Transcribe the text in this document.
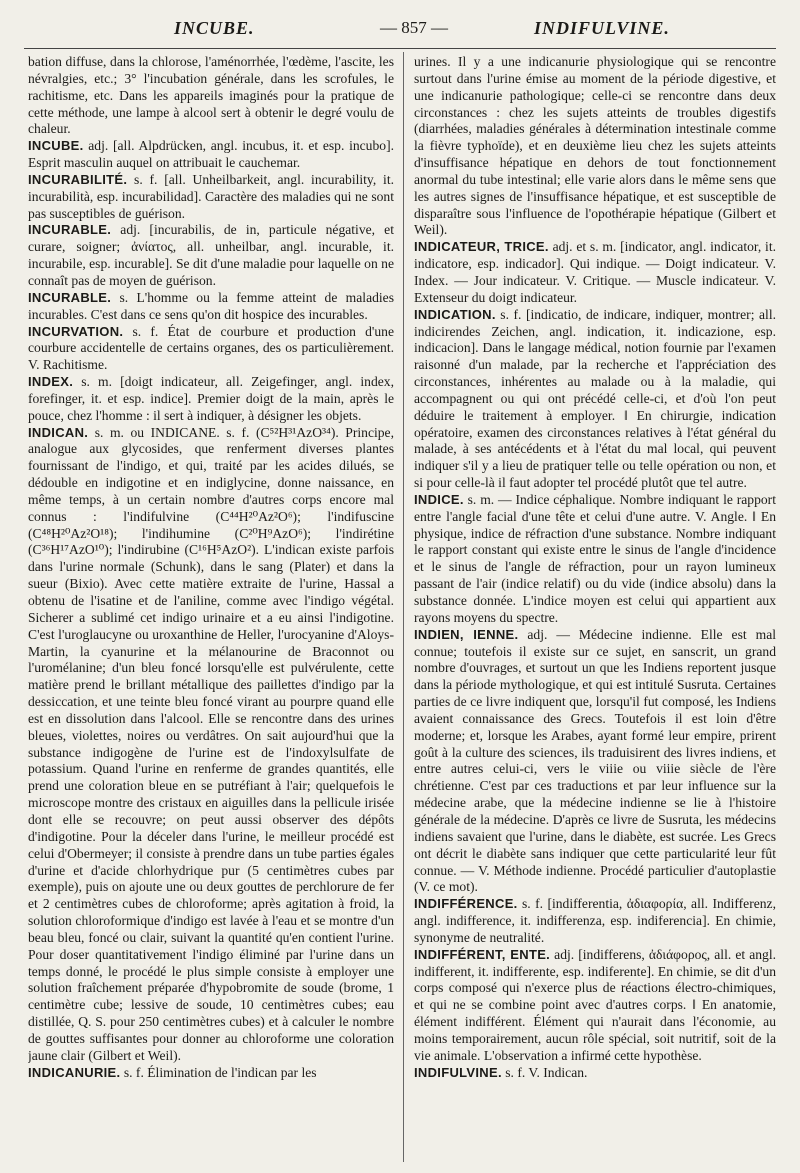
INCUBE.	— 857 —	INDIFULVINE.

bation diffuse, dans la chlorose, l'aménorrhée, l'œdème, l'ascite, les névralgies, etc.; 3° l'incubation générale, dans les scrofules, le rachitisme, etc. Dans les appareils imaginés pour la pratique de cette méthode, une lampe à alcool sert à obtenir le degré voulu de chaleur.

INCUBE. adj. [all. Alpdrücken, angl. incubus, it. et esp. incubo]. Esprit masculin auquel on attribuait le cauchemar.

INCURABILITÉ. s. f. [all. Unheilbarkeit, angl. incurability, it. incurabilità, esp. incurabilidad]. Caractère des maladies qui ne sont pas susceptibles de guérison.

INCURABLE. adj. [incurabilis, de in, particule négative, et curare, soigner; ἀνίατος, all. unheilbar, angl. incurable, it. incurabile, esp. incurable]. Se dit d'une maladie pour laquelle on ne connaît pas de moyen de guérison.

INCURABLE. s. L'homme ou la femme atteint de maladies incurables. C'est dans ce sens qu'on dit hospice des incurables.

INCURVATION. s. f. État de courbure et production d'une courbure accidentelle de certains organes, des os particulièrement. V. Rachitisme.

INDEX. s. m. [doigt indicateur, all. Zeigefinger, angl. index, forefinger, it. et esp. indice]. Premier doigt de la main, après le pouce, chez l'homme : il sert à indiquer, à désigner les objets.

INDICAN. s. m. ou INDICANE. s. f. (C⁵²H³¹AzO³⁴). Principe, analogue aux glycosides, que renferment diverses plantes fournissant de l'indigo, et qui, traité par les acides dilués, se dédouble en indigotine et en indiglycine, donne naissance, en même temps, à un certain nombre d'autres corps encore mal connus : l'indifulvine (C⁴⁴H²⁰Az²O⁶); l'indifuscine (C⁴⁸H²⁰Az²O¹⁸); l'indihumine (C²⁰H⁹AzO⁶); l'indirétine (C³⁶H¹⁷AzO¹⁰); l'indirubine (C¹⁶H⁵AzO²). L'indican existe parfois dans l'urine normale (Schunk), dans le sang (Plater) et dans la sueur (Bixio). Avec cette matière extraite de l'urine, Hassal a obtenu de l'isatine et de l'aniline, comme avec l'indigo végétal. Sicherer a sublimé cet indigo urinaire et a eu ainsi l'indigotine. C'est l'uroglaucyne ou uroxanthine de Heller, l'urocyanine d'Aloys-Martin, la cyanurine et la mélanourine de Braconnot ou l'uromélanine; d'un bleu foncé lorsqu'elle est pulvérulente, cette matière prend le brillant métallique des paillettes d'indigo par la dessiccation, et une teinte bleu foncé virant au pourpre quand elle est en dissolution dans l'alcool. Elle se rencontre dans des urines bleues, violettes, noires ou verdâtres. On sait aujourd'hui que la substance indigogène de l'urine est de l'indoxylsulfate de potassium. Quand l'urine en renferme de grandes quantités, elle prend une coloration bleue en se putréfiant à l'air; quelquefois le microscope montre des cristaux en aiguilles dans la pellicule irisée dont elle se recouvre; on peut aussi observer des dépôts d'indigotine. Pour la déceler dans l'urine, le meilleur procédé est celui d'Obermeyer; il consiste à prendre dans un tube parties égales d'urine et d'acide chlorhydrique pur (5 centimètres cubes par exemple), puis on ajoute une ou deux gouttes de perchlorure de fer et 2 centimètres cubes de chloroforme; après agitation à froid, la solution chloroformique d'indigo est lavée à l'eau et se montre d'un beau bleu, foncé ou clair, suivant la quantité qu'en contient l'urine. Pour doser quantitativement l'indigo éliminé par l'urine dans un temps donné, le procédé le plus simple consiste à employer une solution fraîchement préparée d'hypobromite de soude (brome, 1 centimètre cube; lessive de soude, 10 centimètres cubes; eau distillée, Q. S. pour 250 centimètres cubes) et à calculer le nombre de gouttes suffisantes pour donner au chloroforme une coloration jaune clair (Gilbert et Weil).

INDICANURIE. s. f. Élimination de l'indican par les

urines. Il y a une indicanurie physiologique qui se rencontre surtout dans l'urine émise au moment de la période digestive, et une indicanurie pathologique; celle-ci se rencontre dans deux circonstances : chez les sujets atteints de troubles digestifs (diarrhées, maladies générales à détermination intestinale comme la fièvre typhoïde), et en deuxième lieu chez les sujets atteints d'insuffisance hépatique en dehors de tout fonctionnement anormal du tube intestinal; elle varie alors dans le même sens que les autres signes de l'insuffisance hépatique, et est susceptible de disparaître sous l'influence de l'opothérapie hépatique (Gilbert et Weil).

INDICATEUR, TRICE. adj. et s. m. [indicator, angl. indicator, it. indicatore, esp. indicador]. Qui indique. — Doigt indicateur. V. Index. — Jour indicateur. V. Critique. — Muscle indicateur. V. Extenseur du doigt indicateur.

INDICATION. s. f. [indicatio, de indicare, indiquer, montrer; all. indicirendes Zeichen, angl. indication, it. indicazione, esp. indicacion]. Dans le langage médical, notion fournie par l'examen raisonné d'un malade, par la recherche et l'appréciation des circonstances, inhérentes au malade ou à la maladie, qui accompagnent ou qui ont précédé celle-ci, et d'où l'on peut déduire le traitement à employer. ‖ En chirurgie, indication opératoire, examen des circonstances relatives à l'état général du malade, à ses antécédents et à l'état du mal local, qui peuvent indiquer s'il y a lieu de pratiquer telle ou telle opération ou non, et si pour celle-là il faut adopter tel procédé plutôt que tel autre.

INDICE. s. m. — Indice céphalique. Nombre indiquant le rapport entre l'angle facial d'une tête et celui d'une autre. V. Angle. ‖ En physique, indice de réfraction d'une substance. Nombre indiquant le rapport constant qui existe entre le sinus de l'angle d'incidence et le sinus de l'angle de réfraction, pour un rayon lumineux passant de l'air (indice relatif) ou du vide (indice absolu) dans la substance donnée. L'indice moyen est celui qui appartient aux rayons moyens du spectre.

INDIEN, IENNE. adj. — Médecine indienne. Elle est mal connue; toutefois il existe sur ce sujet, en sanscrit, un grand nombre d'ouvrages, et surtout un que les Indiens reportent jusque dans la période mythologique, et qui est intitulé Susruta. Certaines parties de ce livre indiquent que, lorsqu'il fut composé, les Indiens avaient connaissance des Grecs. Toutefois il est loin d'être moderne; et, lorsque les Arabes, ayant formé leur empire, prirent goût à la culture des sciences, ils traduisirent des livres indiens, et entre autres celui-ci, vers le viiie ou viiie siècle de l'ère chrétienne. C'est par ces traductions et par leur influence sur la médecine arabe, que la médecine indienne se lie à l'histoire générale de la médecine. D'après ce livre de Susruta, les médecins indiens savaient que l'urine, dans le diabète, est sucrée. Les Grecs ont décrit le diabète sans indiquer que cette particularité leur fût connue. — V. Méthode indienne. Procédé particulier d'autoplastie (V. ce mot).

INDIFFÉRENCE. s. f. [indifferentia, ἀδιαφορία, all. Indifferenz, angl. indifference, it. indifferenza, esp. indiferencia]. En chimie, synonyme de neutralité.

INDIFFÉRENT, ENTE. adj. [indifferens, ἀδιάφορος, all. et angl. indifferent, it. indifferente, esp. indiferente]. En chimie, se dit d'un corps composé qui n'exerce plus de réactions électro-chimiques, et qui ne se combine point avec d'autres corps. ‖ En anatomie, élément indifférent. Élément qui n'aurait dans l'économie, au moins temporairement, aucun rôle spécial, soit nutritif, soit de la vie animale. L'observation a infirmé cette hypothèse.

INDIFULVINE. s. f. V. Indican.
